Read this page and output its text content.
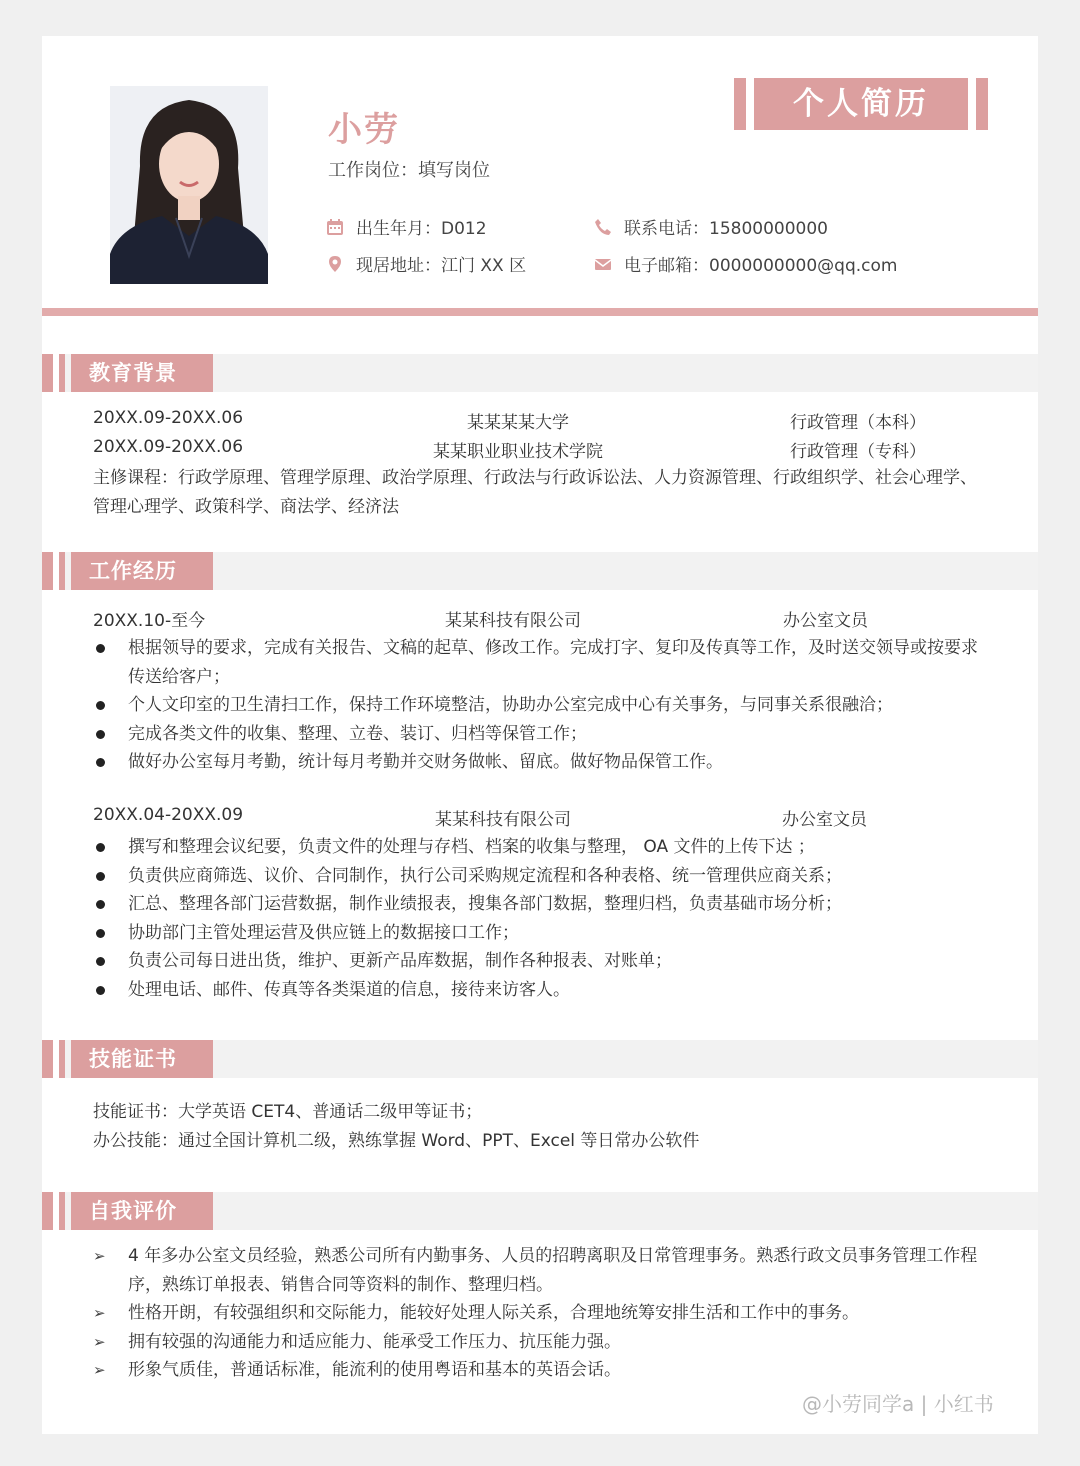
小劳
工作岗位：填写岗位
个人简历
出生年月：D012	联系电话：15800000000
现居地址：江门 XX 区	电子邮箱：0000000000@qq.com
教育背景
20XX.09-20XX.06	某某某某大学	行政管理（本科）
20XX.09-20XX.06	某某职业职业技术学院	行政管理（专科）
主修课程：行政学原理、管理学原理、政治学原理、行政法与行政诉讼法、人力资源管理、行政组织学、社会心理学、管理心理学、政策科学、商法学、经济法
工作经历
20XX.10-至今	某某科技有限公司	办公室文员
根据领导的要求，完成有关报告、文稿的起草、修改工作。完成打字、复印及传真等工作，及时送交领导或按要求传送给客户；
个人文印室的卫生清扫工作，保持工作环境整洁，协助办公室完成中心有关事务，与同事关系很融洽；
完成各类文件的收集、整理、立卷、装订、归档等保管工作；
做好办公室每月考勤，统计每月考勤并交财务做帐、留底。做好物品保管工作。
20XX.04-20XX.09	某某科技有限公司	办公室文员
撰写和整理会议纪要，负责文件的处理与存档、档案的收集与整理， OA 文件的上传下达 ；
负责供应商筛选、议价、合同制作，执行公司采购规定流程和各种表格、统一管理供应商关系；
汇总、整理各部门运营数据，制作业绩报表，搜集各部门数据，整理归档，负责基础市场分析；
协助部门主管处理运营及供应链上的数据接口工作；
负责公司每日进出货，维护、更新产品库数据，制作各种报表、对账单；
处理电话、邮件、传真等各类渠道的信息，接待来访客人。
技能证书
技能证书：大学英语 CET4、普通话二级甲等证书；
办公技能：通过全国计算机二级，熟练掌握 Word、PPT、Excel 等日常办公软件
自我评价
➢ 4 年多办公室文员经验，熟悉公司所有内勤事务、人员的招聘离职及日常管理事务。熟悉行政文员事务管理工作程序，熟练订单报表、销售合同等资料的制作、整理归档。
➢ 性格开朗，有较强组织和交际能力，能较好处理人际关系，合理地统筹安排生活和工作中的事务。
➢ 拥有较强的沟通能力和适应能力、能承受工作压力、抗压能力强。
➢ 形象气质佳，普通话标准，能流利的使用粤语和基本的英语会话。
@小劳同学a | 小红书
